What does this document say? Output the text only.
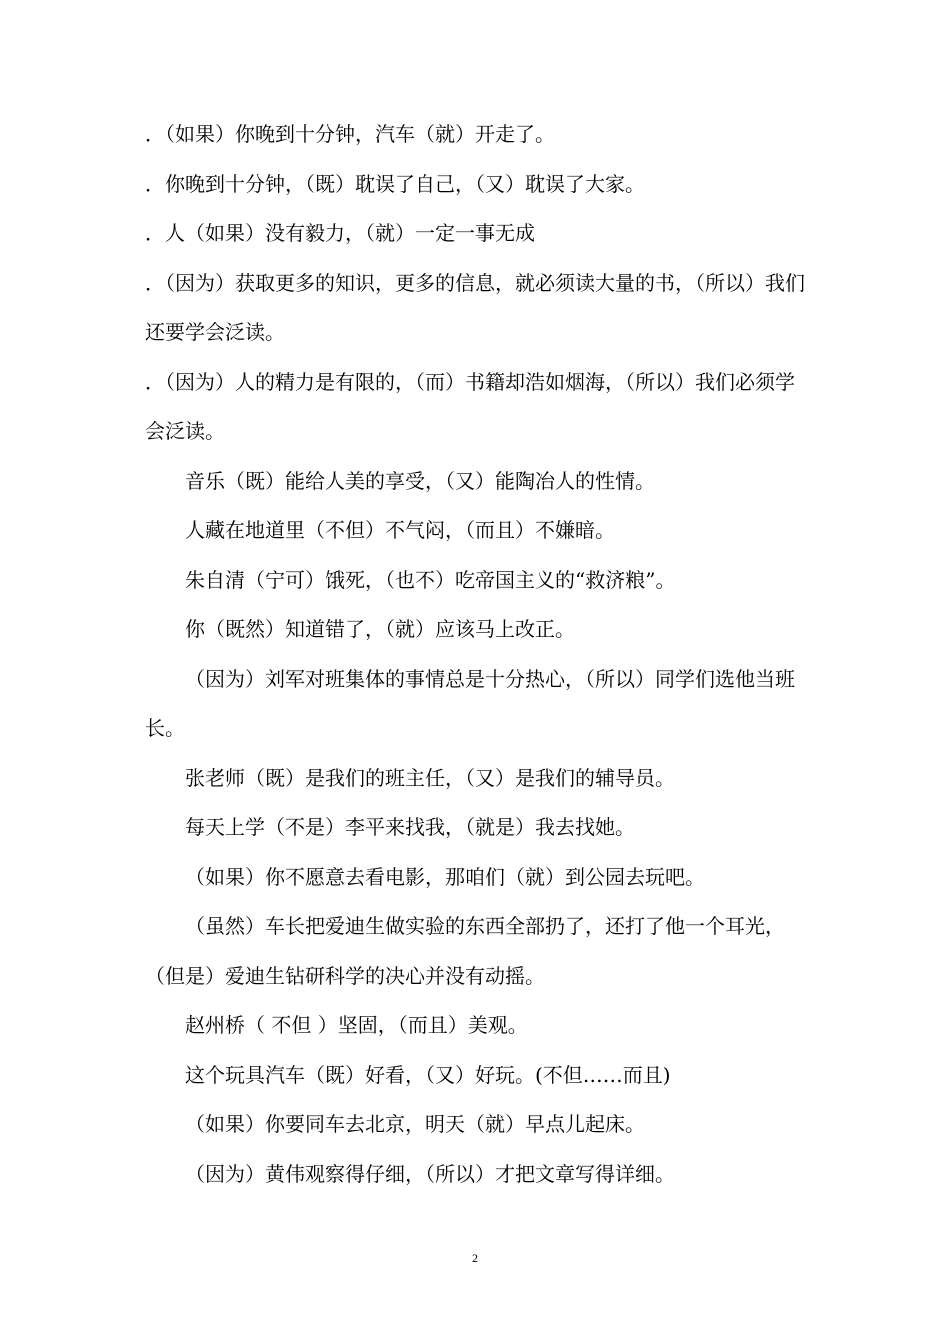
．（如果）你晚到十分钟，汽车（就）开走了。

．你晚到十分钟，（既）耽误了自己，（又）耽误了大家。

．人（如果）没有毅力，（就）一定一事无成

．（因为）获取更多的知识，更多的信息，就必须读大量的书，（所以）我们还要学会泛读。

．（因为）人的精力是有限的，（而）书籍却浩如烟海，（所以）我们必须学会泛读。

音乐（既）能给人美的享受，（又）能陶冶人的性情。

人藏在地道里（不但）不气闷，（而且）不嫌暗。

朱自清（宁可）饿死，（也不）吃帝国主义的“救济粮”。

你（既然）知道错了，（就）应该马上改正。

（因为）刘军对班集体的事情总是十分热心，（所以）同学们选他当班长。

张老师（既）是我们的班主任，（又）是我们的辅导员。

每天上学（不是）李平来找我，（就是）我去找她。

（如果）你不愿意去看电影，那咱们（就）到公园去玩吧。

（虽然）车长把爱迪生做实验的东西全部扔了，还打了他一个耳光，（但是）爱迪生钻研科学的决心并没有动摇。

赵州桥（ 不但 ）坚固，（而且）美观。

这个玩具汽车（既）好看，（又）好玩。(不但……而且)

（如果）你要同车去北京，明天（就）早点儿起床。

（因为）黄伟观察得仔细，（所以）才把文章写得详细。

2
